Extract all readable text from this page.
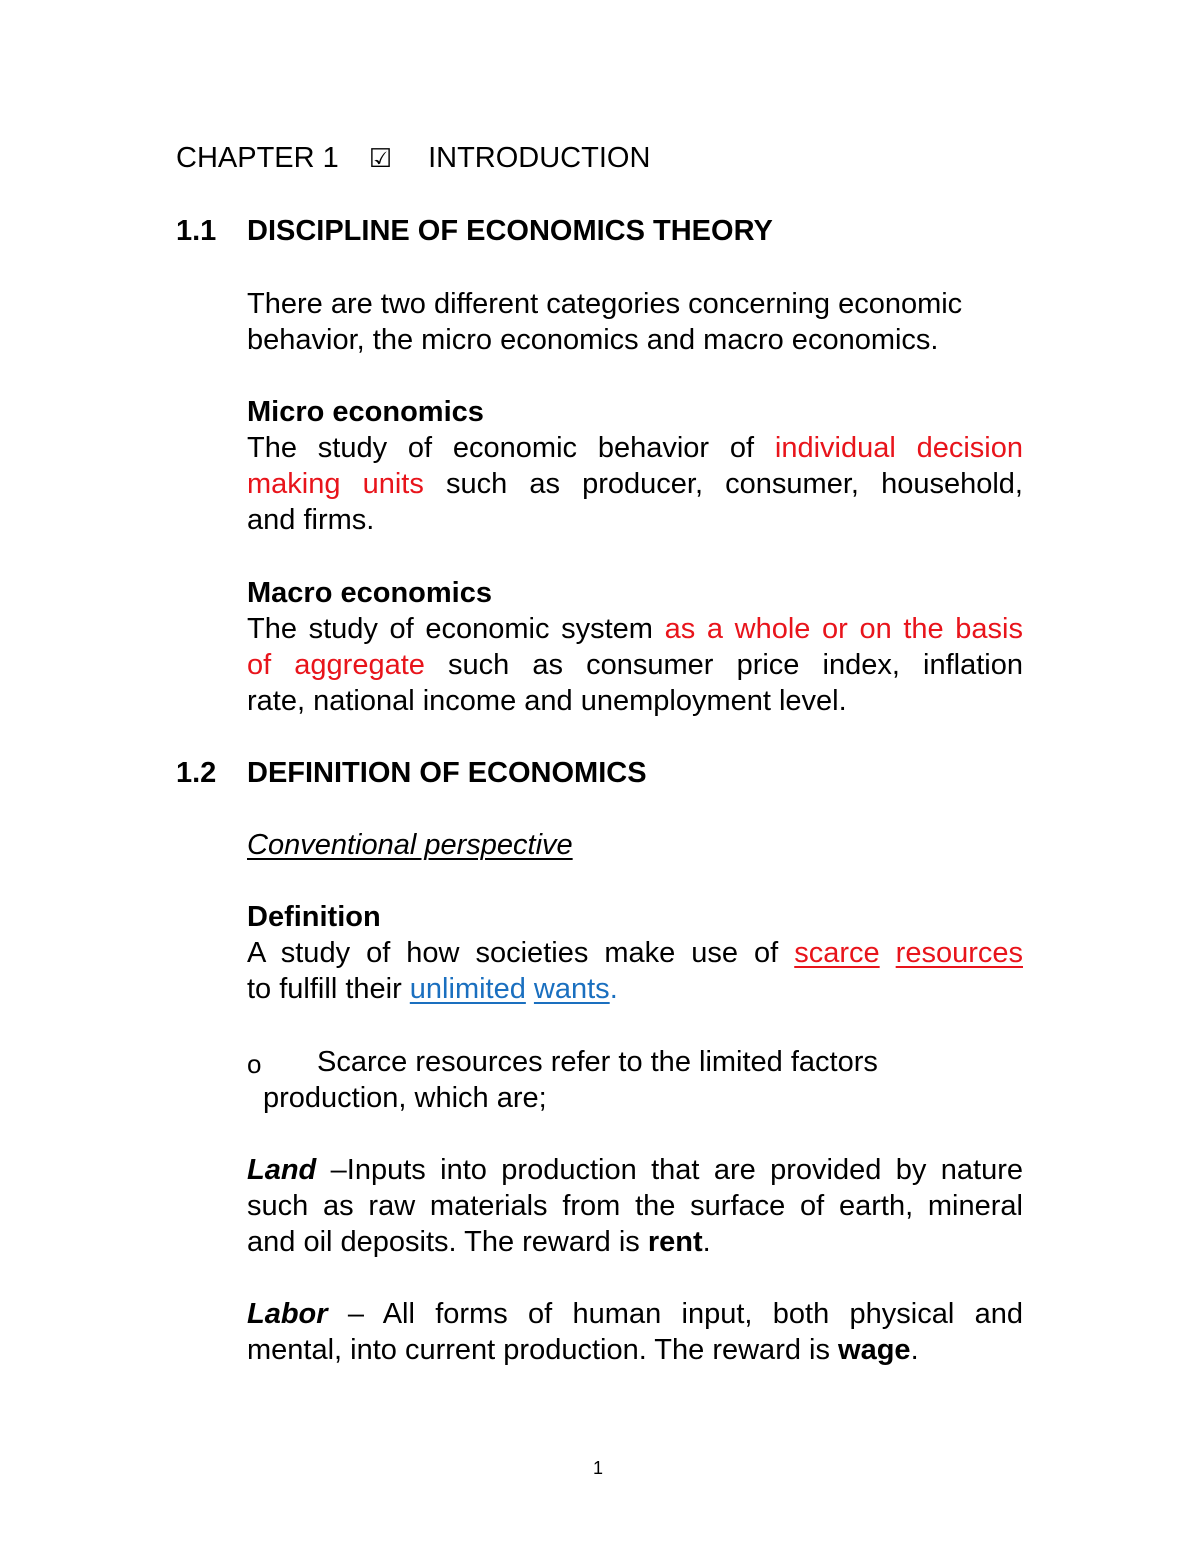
CHAPTER 1 ☑ INTRODUCTION
1.1 DISCIPLINE OF ECONOMICS THEORY
There are two different categories concerning economic
behavior, the micro economics and macro economics.
Micro economics
The study of economic behavior of individual decision
making units such as producer, consumer, household,
and firms.
Macro economics
The study of economic system as a whole or on the basis
of aggregate such as consumer price index, inflation
rate, national income and unemployment level.
1.2 DEFINITION OF ECONOMICS
Conventional perspective
Definition
A study of how societies make use of scarce resources
to fulfill their unlimited wants.
o Scarce resources refer to the limited factors
production, which are;
Land –Inputs into production that are provided by nature
such as raw materials from the surface of earth, mineral
and oil deposits. The reward is rent.
Labor – All forms of human input, both physical and
mental, into current production. The reward is wage.
1
